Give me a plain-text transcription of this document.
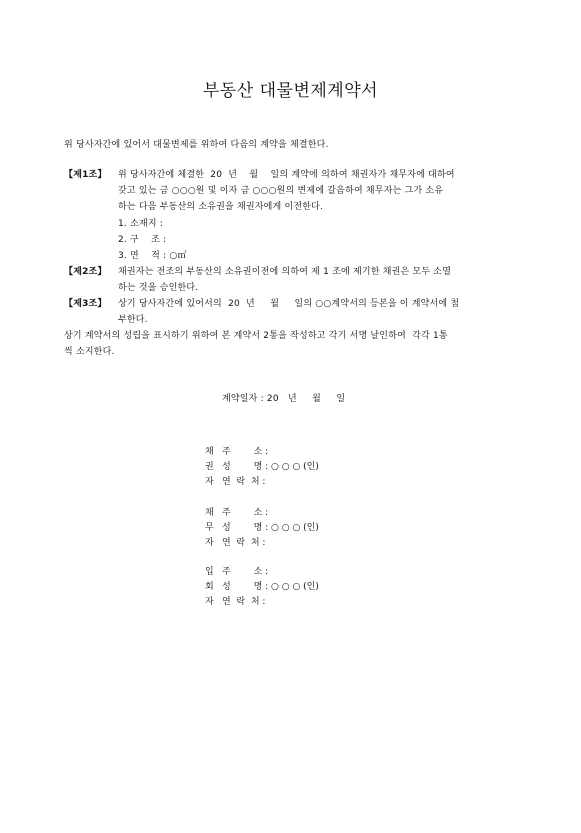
부동산 대물변제계약서
위 당사자간에 있어서 대물변제를 위하여 다음의 계약을 체결한다.
【제1조】 위 당사자간에 체결한  20  년    월    일의 계약에 의하여 채권자가 채무자에 대하여
갖고 있는 금 ○○○원 및 이자 금 ○○○원의 변제에 갈음하여 채무자는 그가 소유
하는 다음 부동산의 소유권을 채권자에게 이전한다.
1. 소재지 :
2. 구    조 :
3. 면    적 : ○㎡
【제2조】 채권자는 전조의 부동산의 소유권이전에 의하여 제 1 조에 제기한 채권은 모두 소멸
하는 것을 승인한다.
【제3조】 상기 당사자간에 있어서의  20  년     월     일의 ○○계약서의 등본을 이 계약서에 첨
부한다.
상기 계약서의 성립을 표시하기 위하여 본 계약서 2통을 작성하고 각기 서명 날인하여  각각 1통
씩 소지한다.
계약일자 : 20   년     월     일
채
권
자
주        소 :
성        명 : ○ ○ ○ (인)
연  락  처 :
채
무
자
주        소 :
성        명 : ○ ○ ○ (인)
연  락  처 :
입
회
자
주        소 :
성        명 : ○ ○ ○ (인)
연  락  처 :
